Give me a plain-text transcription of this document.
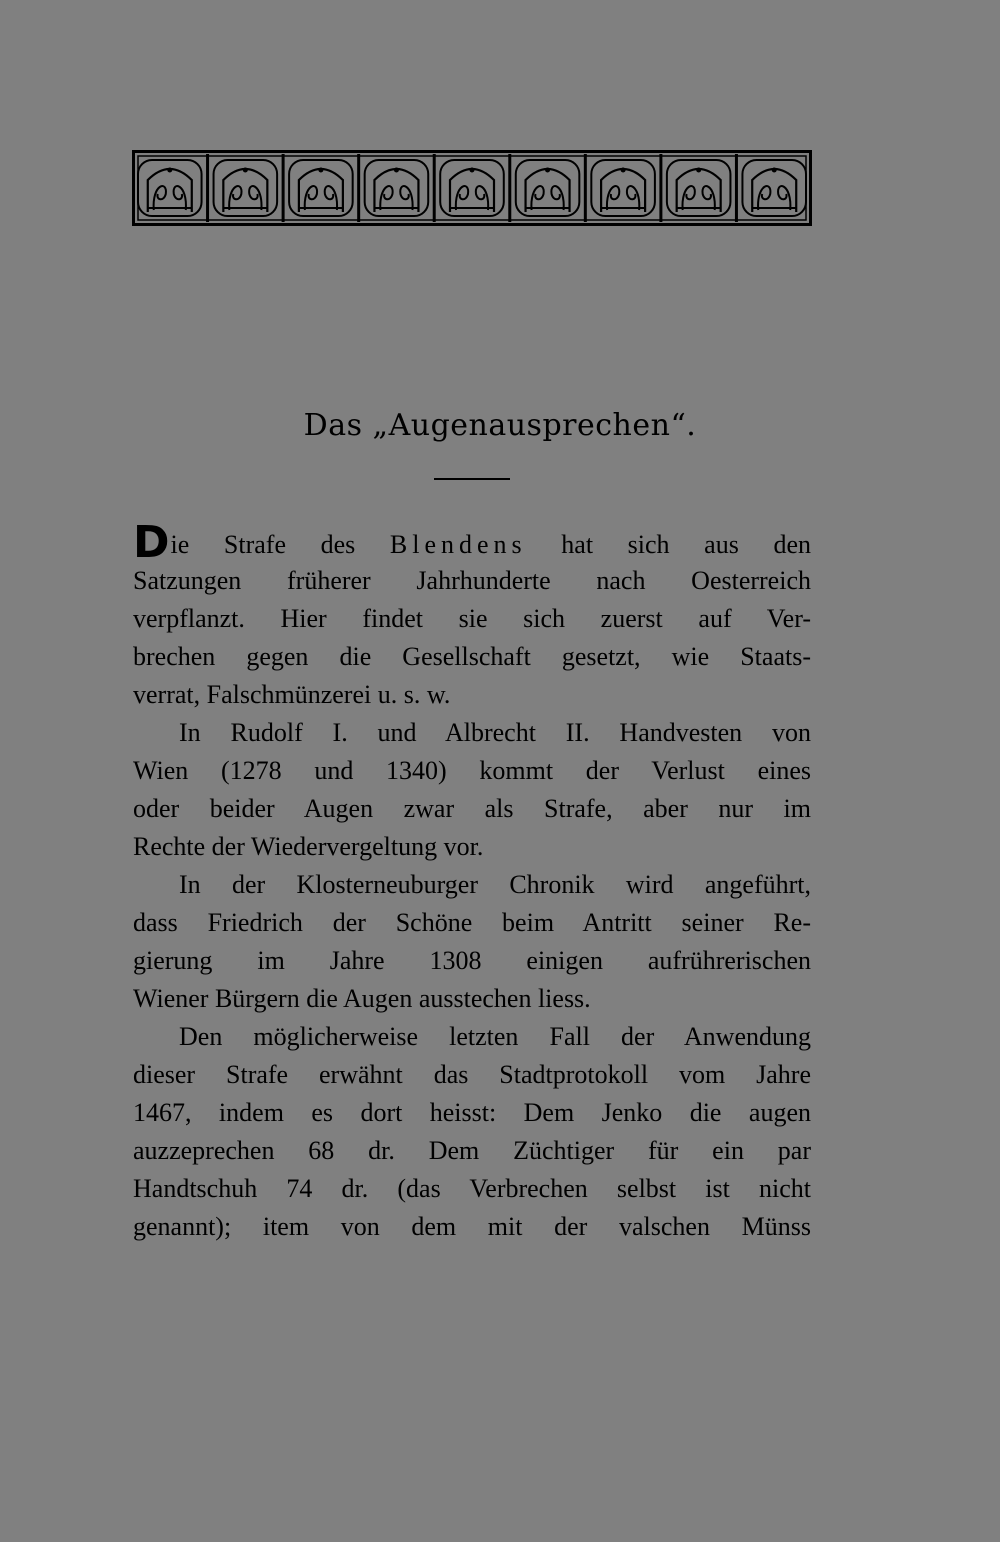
Das „Augenausprechen“.
Die Strafe des Blendens hat sich aus den
Satzungen früherer Jahrhunderte nach Oesterreich
verpflanzt. Hier findet sie sich zuerst auf Ver-
brechen gegen die Gesellschaft gesetzt, wie Staats-
verrat, Falschmünzerei u. s. w.
In Rudolf I. und Albrecht II. Handvesten von
Wien (1278 und 1340) kommt der Verlust eines
oder beider Augen zwar als Strafe, aber nur im
Rechte der Wiedervergeltung vor.
In der Klosterneuburger Chronik wird angeführt,
dass Friedrich der Schöne beim Antritt seiner Re-
gierung im Jahre 1308 einigen aufrührerischen
Wiener Bürgern die Augen ausstechen liess.
Den möglicherweise letzten Fall der Anwendung
dieser Strafe erwähnt das Stadtprotokoll vom Jahre
1467, indem es dort heisst: Dem Jenko die augen
auzzeprechen 68 dr. Dem Züchtiger für ein par
Handtschuh 74 dr. (das Verbrechen selbst ist nicht
genannt); item von dem mit der valschen Münss
